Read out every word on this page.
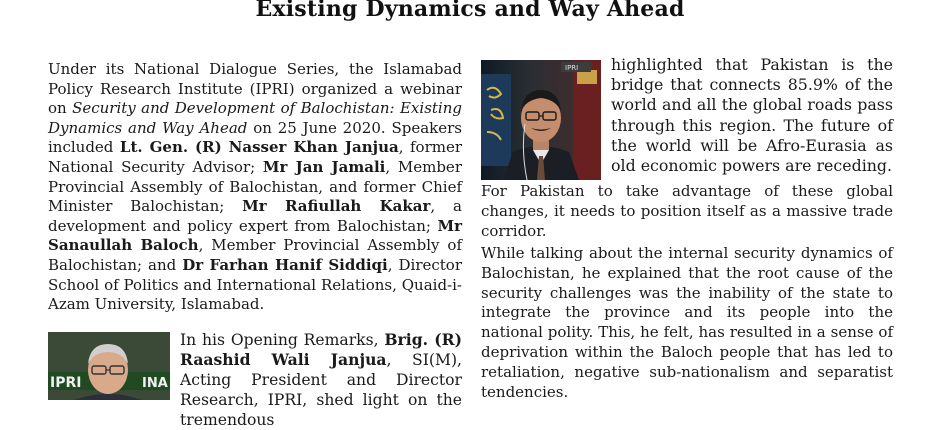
Existing Dynamics and Way Ahead

Under its National Dialogue Series, the Islamabad Policy Research Institute (IPRI) organized a webinar on Security and Development of Balochistan: Existing Dynamics and Way Ahead on 25 June 2020. Speakers included Lt. Gen. (R) Nasser Khan Janjua, former National Security Advisor; Mr Jan Jamali, Member Provincial Assembly of Balochistan, and former Chief Minister Balochistan; Mr Rafiullah Kakar, a development and policy expert from Balochistan; Mr Sanaullah Baloch, Member Provincial Assembly of Balochistan; and Dr Farhan Hanif Siddiqi, Director School of Politics and International Relations, Quaid-i-Azam University, Islamabad.

IPRI highlighted that Pakistan is the bridge that connects 85.9% of the world and all the global roads pass through this region. The future of the world will be Afro-Eurasia as old economic powers are receding.

For Pakistan to take advantage of these global changes, it needs to position itself as a massive trade corridor.

While talking about the internal security dynamics of Balochistan, he explained that the root cause of the security challenges was the inability of the state to integrate the province and its people into the national polity. This, he felt, has resulted in a sense of deprivation within the Baloch people that has led to retaliation, negative sub-nationalism and separatist tendencies.

IPRI	INA

In his Opening Remarks, Brig. (R) Raashid Wali Janjua, SI(M), Acting President and Director Research, IPRI, shed light on the tremendous
